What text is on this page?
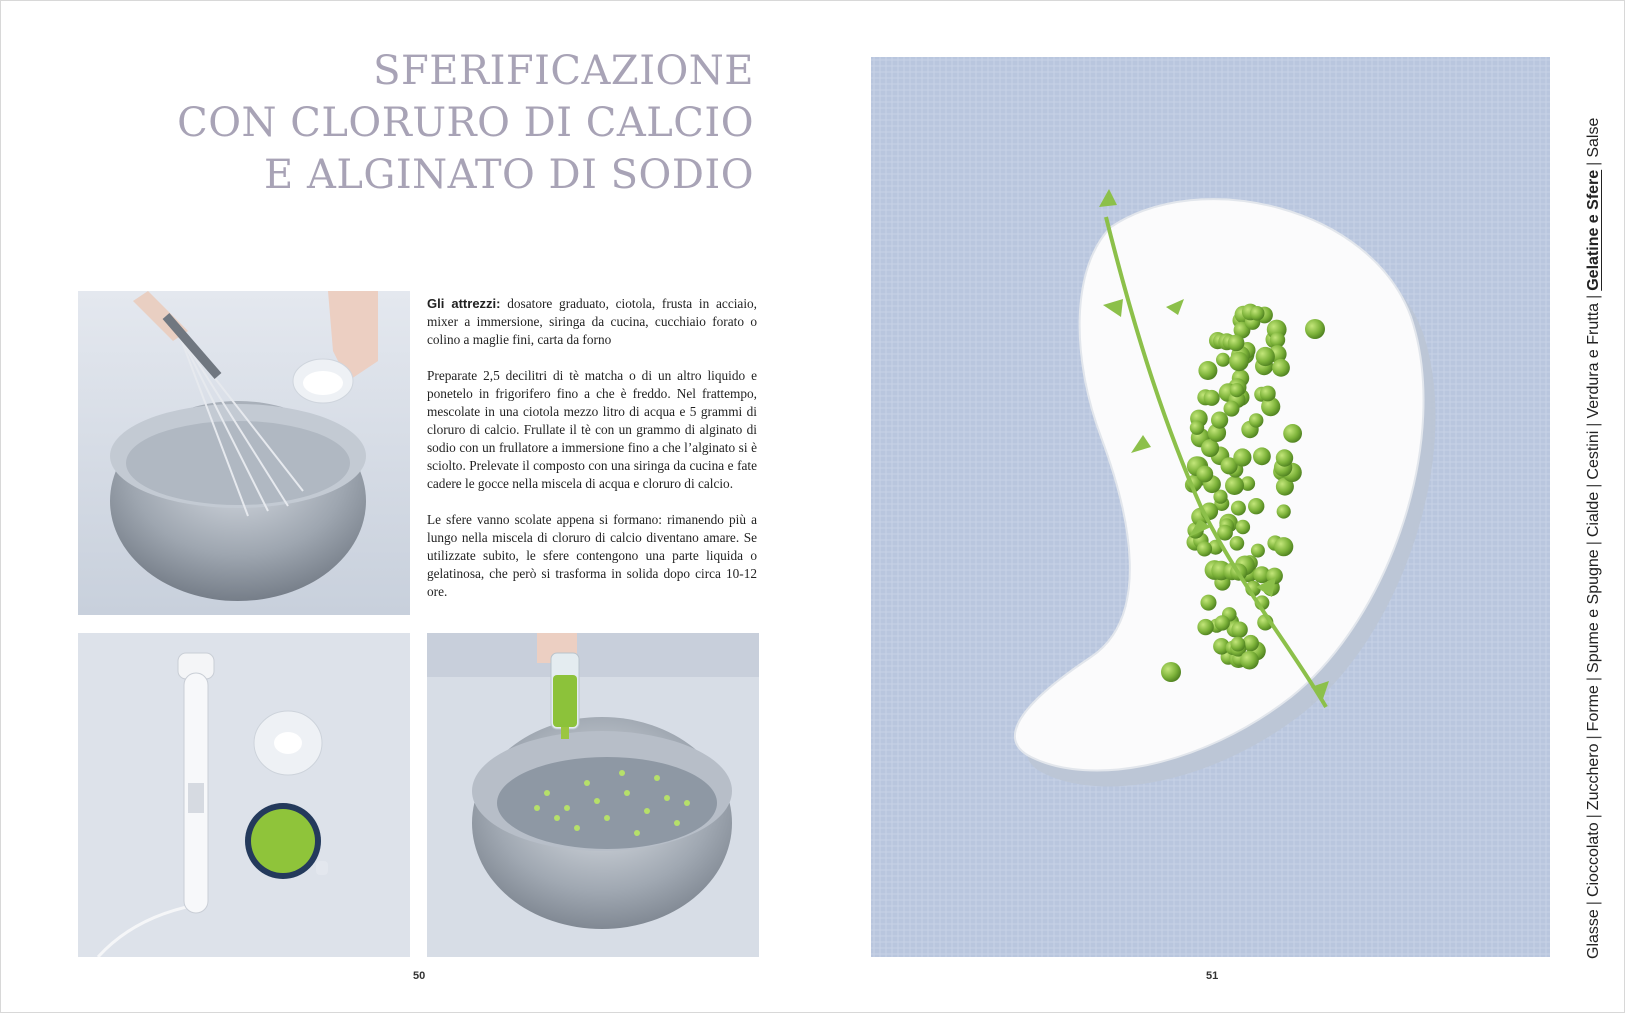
SFERIFICAZIONE
CON CLORURO DI CALCIO
E ALGINATO DI SODIO

Gli attrezzi: dosatore graduato, ciotola, frusta in acciaio, mixer a immersione, siringa da cucina, cucchiaio forato o colino a maglie fini, carta da forno

Preparate 2,5 decilitri di tè matcha o di un altro liquido e ponetelo in frigorifero fino a che è freddo. Nel frattempo, mescolate in una ciotola mezzo litro di acqua e 5 grammi di cloruro di calcio. Frullate il tè con un grammo di alginato di sodio con un frullatore a immersione fino a che l’alginato si è sciolto. Prelevate il composto con una siringa da cucina e fate cadere le gocce nella miscela di acqua e cloruro di calcio.

Le sfere vanno scolate appena si formano: rimanendo più a lungo nella miscela di cloruro di calcio diventano amare. Se utilizzate subito, le sfere contengono una parte liquida o gelatinosa, che però si trasforma in solida dopo circa 10-12 ore.

50	51
Glasse|Cioccolato|Zucchero|Forme|Spume e Spugne|Cialde|Cestini|Verdura e Frutta|Gelatine e Sfere|Salse
